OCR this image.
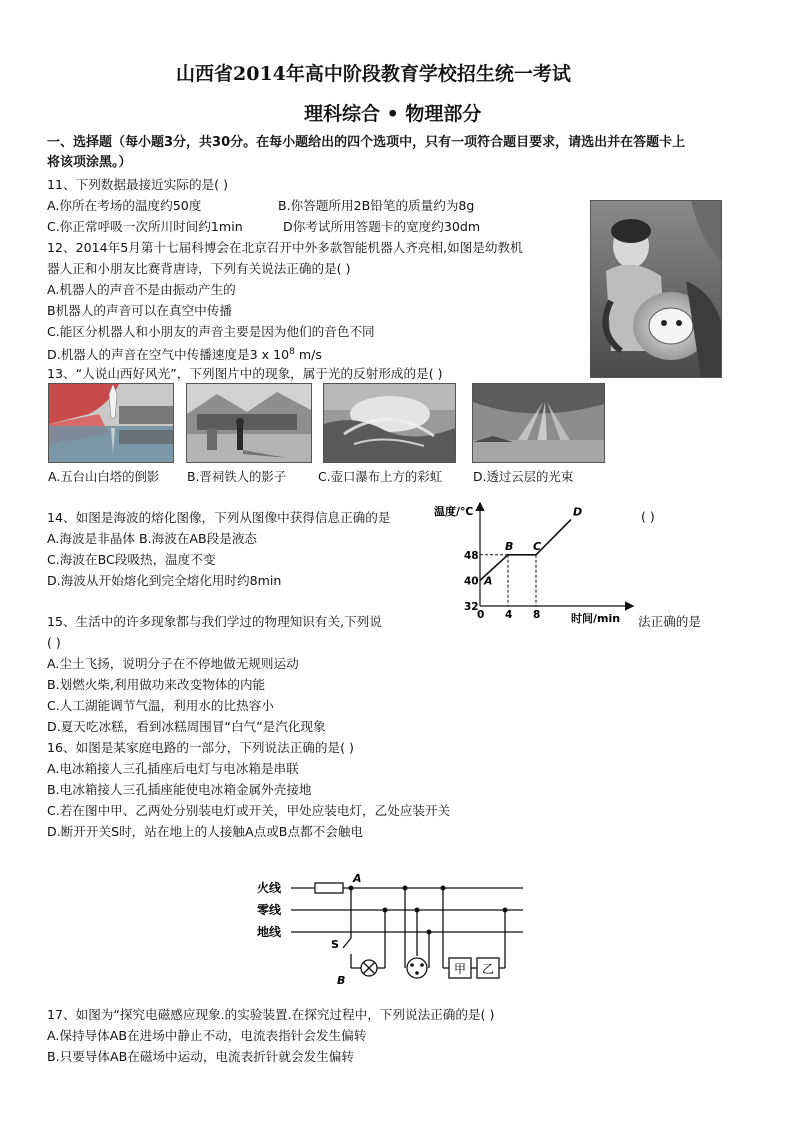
山西省2014年高中阶段教育学校招生统一考试
理科综合 • 物理部分
一、选择题（每小题3分，共30分。在每小题给出的四个选项中，只有一项符合题目要求，请选出并在答题卡上
将该项涂黑。）
11、下列数据最接近实际的是( )
A.你所在考场的温度约50度	B.你答题所用2B铅笔的质量约为8g
C.你正常呼吸一次所川时间约1min	D你考试所用答题卡的宽度约30dm
12、2014年5月第十七届科博会在北京召开中外多款智能机器人齐亮相,如图是幼教机
器人正和小朋友比赛背唐诗，下列有关说法正确的是( )
A.机器人的声音不是由振动产生的
B机器人的声音可以在真空中传播
C.能区分机器人和小朋友的声音主要是因为他们的音色不同
D.机器人的声音在空气中传播速度是3 x $10^8$ m/s
13、“人说山西好风光”，下列图片中的现象，属于光的反射形成的是( )
A.五台山白塔的倒影 B.晋祠铁人的影子	C.壶口瀑布上方的彩虹 D.透过云层的光束
14、如图是海波的熔化图像，下列从图像中获得信息正确的是	( )
A.海波是非晶体 B.海波在AB段是液态
C.海波在BC段吸热，温度不变
D.海波从开始熔化到完全熔化用时约8min	A
B C
D
0 4 8
32
40
48
温度/℃
时间/min
15、生活中的许多现象都与我们学过的物理知识有关,下列说	法正确的是
( )
A.尘土飞扬，说明分子在不停地做无规则运动
B.划燃火柴,利用做功来改变物体的内能
C.人工湖能调节气温，利用水的比热容小
D.夏天吃冰糕，看到冰糕周围冒“白气”是汽化现象
16、如图是某家庭电路的一部分，下列说法正确的是( )
A.电冰箱接人三孔插座后电灯与电冰箱是串联
B.电冰箱接人三孔插座能使电冰箱金属外壳接地
C.若在图中甲、乙两处分别装电灯或开关，甲处应装电灯，乙处应装开关
D.断开开关S时，站在地上的人接触A点或B点都不会触电
火线
零线
地线
A
B
S
甲 乙
17、如图为“探究电磁感应现象.的实验装置.在探究过程中，下列说法正确的是( )
A.保持导体AB在进场中静止不动，电流表指针会发生偏转
B.只要导体AB在磁场中运动，电流表折针就会发生偏转
